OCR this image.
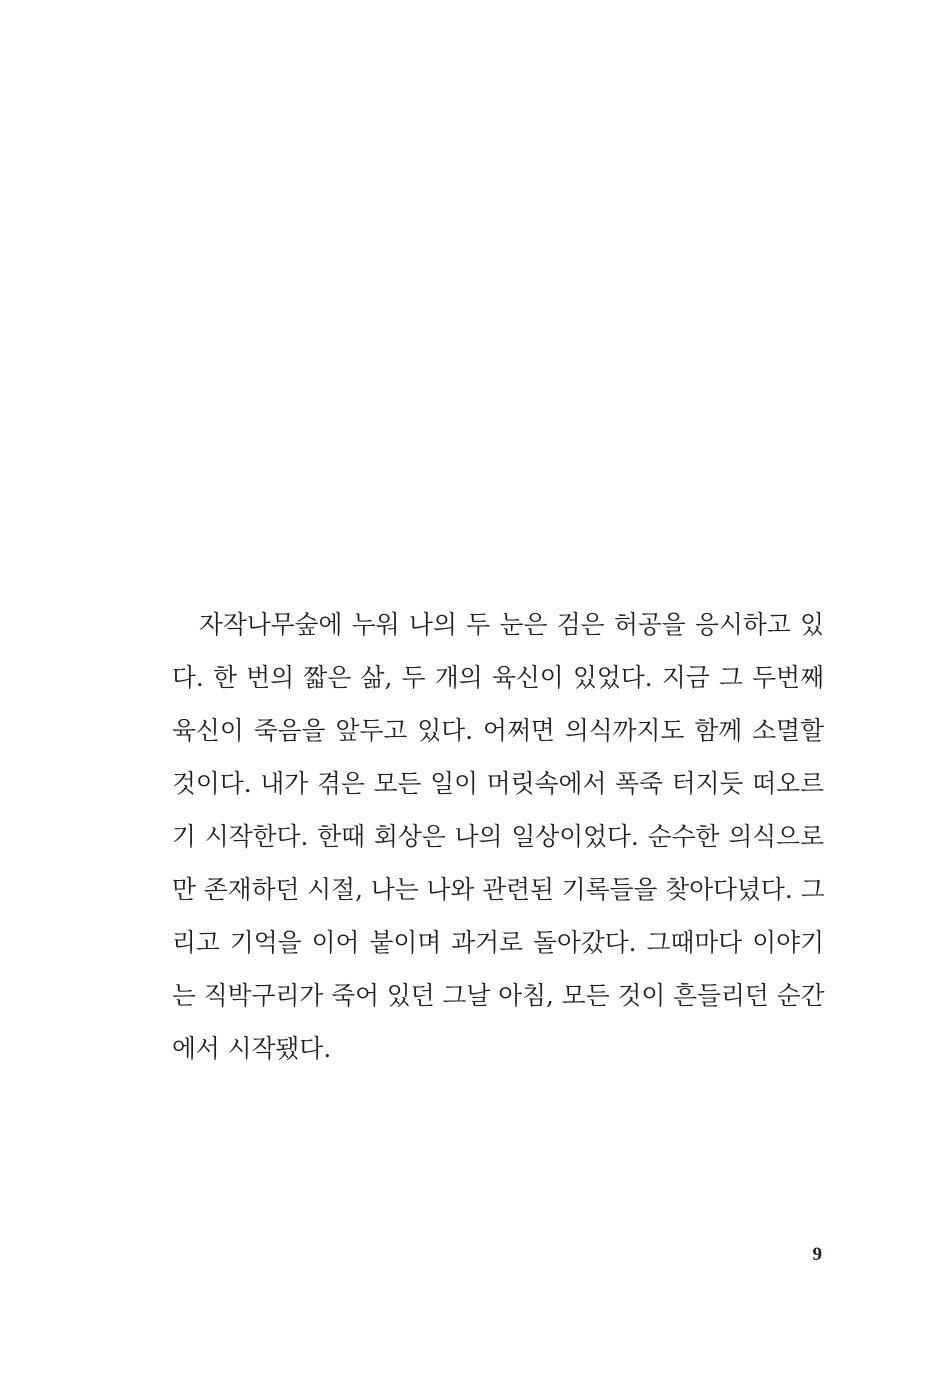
자작나무숲에 누워 나의 두 눈은 검은 허공을 응시하고 있
다. 한 번의 짧은 삶, 두 개의 육신이 있었다. 지금 그 두번째
육신이 죽음을 앞두고 있다. 어쩌면 의식까지도 함께 소멸할
것이다. 내가 겪은 모든 일이 머릿속에서 폭죽 터지듯 떠오르
기 시작한다. 한때 회상은 나의 일상이었다. 순수한 의식으로
만 존재하던 시절, 나는 나와 관련된 기록들을 찾아다녔다. 그
리고 기억을 이어 붙이며 과거로 돌아갔다. 그때마다 이야기
는 직박구리가 죽어 있던 그날 아침, 모든 것이 흔들리던 순간
에서 시작됐다.

9
